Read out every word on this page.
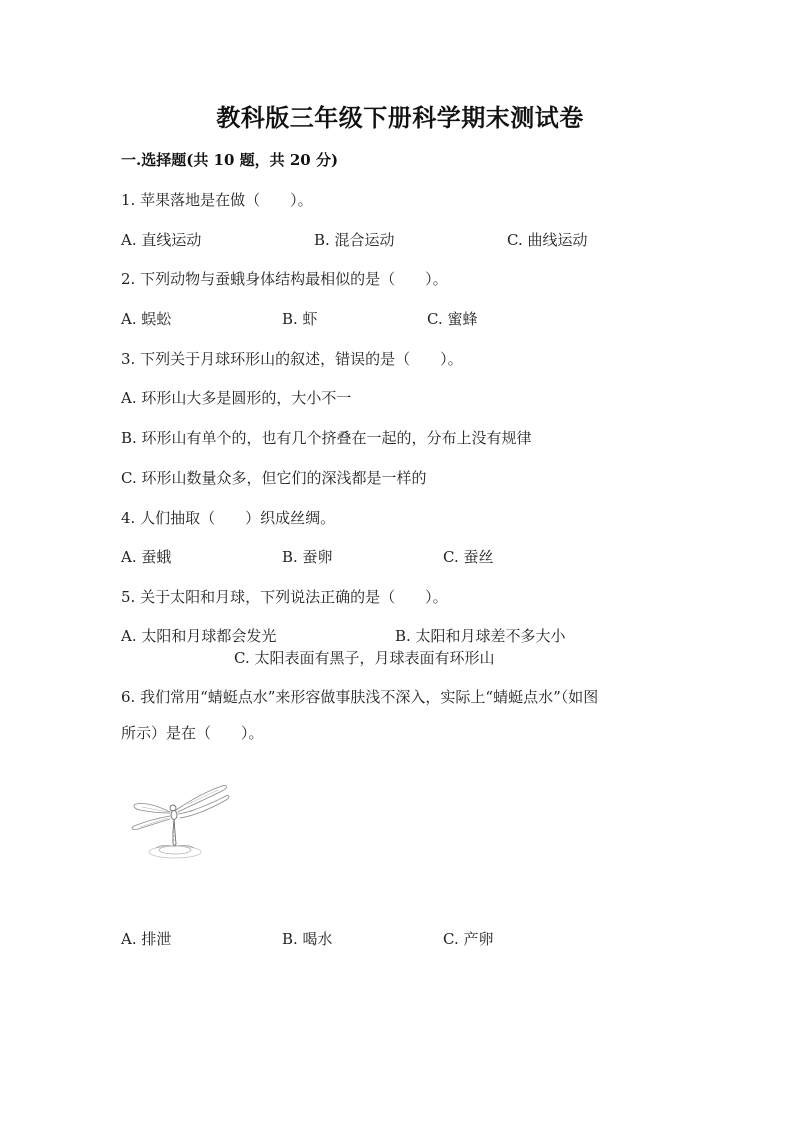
教科版三年级下册科学期末测试卷
一.选择题(共 10 题，共 20 分)
1. 苹果落地是在做（　　）。
A. 直线运动	B. 混合运动	C. 曲线运动
2. 下列动物与蚕蛾身体结构最相似的是（　　）。
A. 蜈蚣	B. 虾	C. 蜜蜂
3. 下列关于月球环形山的叙述，错误的是（　　）。
A. 环形山大多是圆形的，大小不一
B. 环形山有单个的，也有几个挤叠在一起的，分布上没有规律
C. 环形山数量众多，但它们的深浅都是一样的
4. 人们抽取（　　）织成丝绸。
A. 蚕蛾	B. 蚕卵	C. 蚕丝
5. 关于太阳和月球，下列说法正确的是（　　）。
A. 太阳和月球都会发光	B. 太阳和月球差不多大小
C. 太阳表面有黑子，月球表面有环形山
6. 我们常用“蜻蜓点水”来形容做事肤浅不深入，实际上“蜻蜓点水”（如图
所示）是在（　　）。
A. 排泄	B. 喝水	C. 产卵
